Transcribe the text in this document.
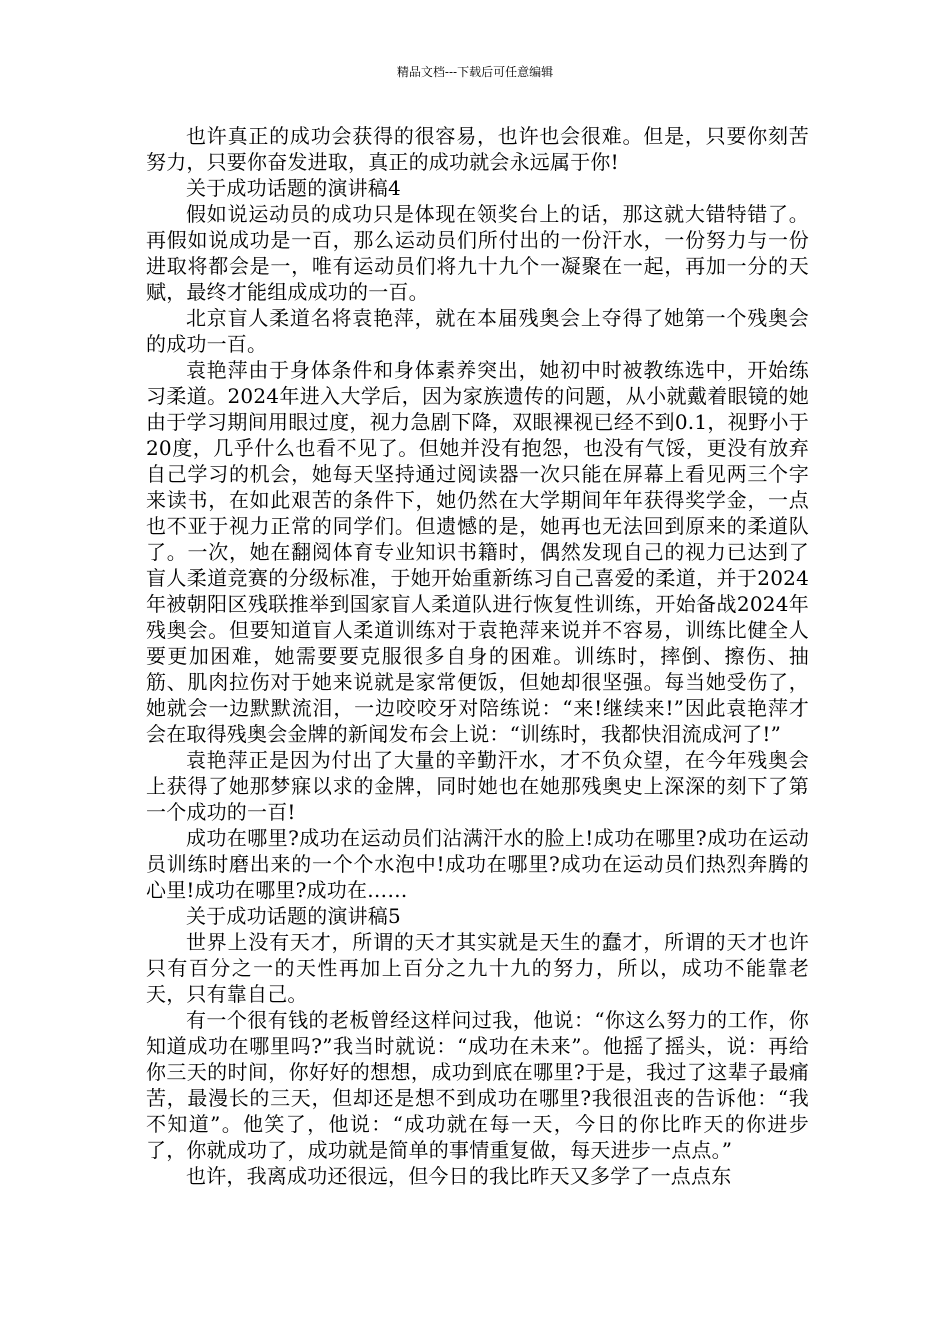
精品文档---下载后可任意编辑

也许真正的成功会获得的很容易，也许也会很难。但是，只要你刻苦努力，只要你奋发进取，真正的成功就会永远属于你!

关于成功话题的演讲稿4

假如说运动员的成功只是体现在领奖台上的话，那这就大错特错了。再假如说成功是一百，那么运动员们所付出的一份汗水，一份努力与一份进取将都会是一，唯有运动员们将九十九个一凝聚在一起，再加一分的天赋，最终才能组成成功的一百。

北京盲人柔道名将袁艳萍，就在本届残奥会上夺得了她第一个残奥会的成功一百。

袁艳萍由于身体条件和身体素养突出，她初中时被教练选中，开始练习柔道。2024年进入大学后，因为家族遗传的问题，从小就戴着眼镜的她由于学习期间用眼过度，视力急剧下降，双眼裸视已经不到0.1，视野小于20度，几乎什么也看不见了。但她并没有抱怨，也没有气馁，更没有放弃自己学习的机会，她每天坚持通过阅读器一次只能在屏幕上看见两三个字来读书，在如此艰苦的条件下，她仍然在大学期间年年获得奖学金，一点也不亚于视力正常的同学们。但遗憾的是，她再也无法回到原来的柔道队了。一次，她在翻阅体育专业知识书籍时，偶然发现自己的视力已达到了盲人柔道竞赛的分级标准，于她开始重新练习自己喜爱的柔道，并于2024年被朝阳区残联推举到国家盲人柔道队进行恢复性训练，开始备战2024年残奥会。但要知道盲人柔道训练对于袁艳萍来说并不容易，训练比健全人要更加困难，她需要要克服很多自身的困难。训练时，摔倒、擦伤、抽筋、肌肉拉伤对于她来说就是家常便饭，但她却很坚强。每当她受伤了，她就会一边默默流泪，一边咬咬牙对陪练说：“来!继续来!”因此袁艳萍才会在取得残奥会金牌的新闻发布会上说：“训练时，我都快泪流成河了!”

袁艳萍正是因为付出了大量的辛勤汗水，才不负众望，在今年残奥会上获得了她那梦寐以求的金牌，同时她也在她那残奥史上深深的刻下了第一个成功的一百!

成功在哪里?成功在运动员们沾满汗水的脸上!成功在哪里?成功在运动员训练时磨出来的一个个水泡中!成功在哪里?成功在运动员们热烈奔腾的心里!成功在哪里?成功在……

关于成功话题的演讲稿5

世界上没有天才，所谓的天才其实就是天生的蠢才，所谓的天才也许只有百分之一的天性再加上百分之九十九的努力，所以，成功不能靠老天，只有靠自己。

有一个很有钱的老板曾经这样问过我，他说：“你这么努力的工作，你知道成功在哪里吗?”我当时就说：“成功在未来”。他摇了摇头，说：再给你三天的时间，你好好的想想，成功到底在哪里?于是，我过了这辈子最痛苦，最漫长的三天，但却还是想不到成功在哪里?我很沮丧的告诉他：“我不知道”。他笑了，他说：“成功就在每一天，今日的你比昨天的你进步了，你就成功了，成功就是简单的事情重复做，每天进步一点点。”

也许，我离成功还很远，但今日的我比昨天又多学了一点点东
